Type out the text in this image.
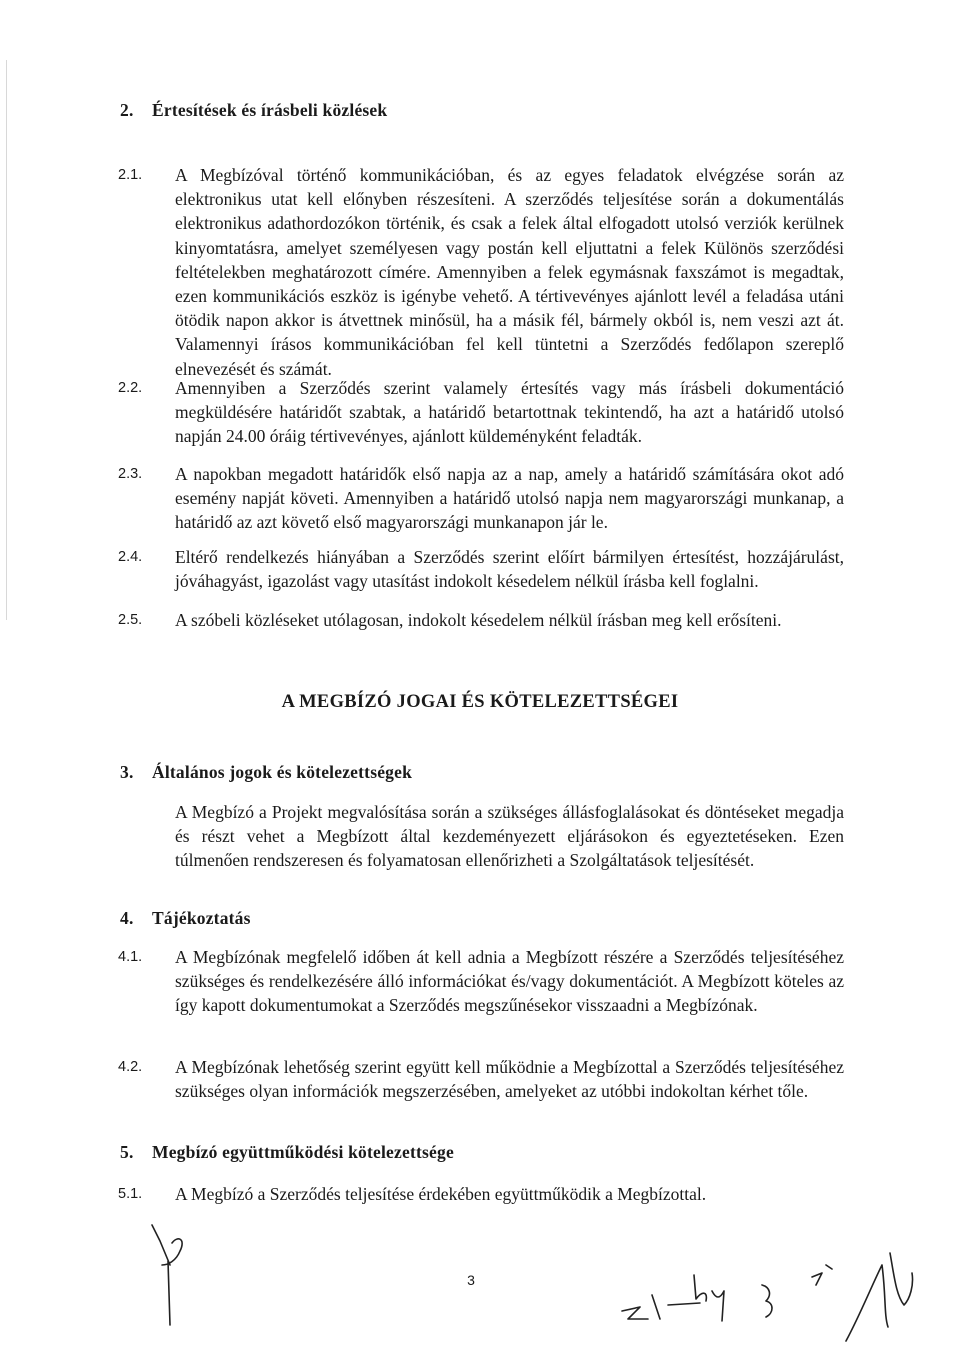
2. Értesítések és írásbeli közlések
2.1.	A Megbízóval történő kommunikációban, és az egyes feladatok elvégzése során az elektronikus utat kell előnyben részesíteni. A szerződés teljesítése során a dokumentálás elektronikus adathordozókon történik, és csak a felek által elfogadott utolsó verziók kerülnek kinyomtatásra, amelyet személyesen vagy postán kell eljuttatni a felek Különös szerződési feltételekben meghatározott címére. Amennyiben a felek egymásnak faxszámot is megadtak, ezen kommunikációs eszköz is igénybe vehető. A tértivevényes ajánlott levél a feladása utáni ötödik napon akkor is átvettnek minősül, ha a másik fél, bármely okból is, nem veszi azt át. Valamennyi írásos kommunikációban fel kell tüntetni a Szerződés fedőlapon szereplő elnevezését és számát.
2.2.	Amennyiben a Szerződés szerint valamely értesítés vagy más írásbeli dokumentáció megküldésére határidőt szabtak, a határidő betartottnak tekintendő, ha azt a határidő utolsó napján 24.00 óráig tértivevényes, ajánlott küldeményként feladták.
2.3.	A napokban megadott határidők első napja az a nap, amely a határidő számítására okot adó esemény napját követi. Amennyiben a határidő utolsó napja nem magyarországi munkanap, a határidő az azt követő első magyarországi munkanapon jár le.
2.4.	Eltérő rendelkezés hiányában a Szerződés szerint előírt bármilyen értesítést, hozzájárulást, jóváhagyást, igazolást vagy utasítást indokolt késedelem nélkül írásba kell foglalni.
2.5.	A szóbeli közléseket utólagosan, indokolt késedelem nélkül írásban meg kell erősíteni.
A MEGBÍZÓ JOGAI ÉS KÖTELEZETTSÉGEI
3. Általános jogok és kötelezettségek
A Megbízó a Projekt megvalósítása során a szükséges állásfoglalásokat és döntéseket megadja és részt vehet a Megbízott által kezdeményezett eljárásokon és egyeztetéseken. Ezen túlmenően rendszeresen és folyamatosan ellenőrizheti a Szolgáltatások teljesítését.
4. Tájékoztatás
4.1.	A Megbízónak megfelelő időben át kell adnia a Megbízott részére a Szerződés teljesítéséhez szükséges és rendelkezésére álló információkat és/vagy dokumentációt. A Megbízott köteles az így kapott dokumentumokat a Szerződés megszűnésekor visszaadni a Megbízónak.
4.2.	A Megbízónak lehetőség szerint együtt kell működnie a Megbízottal a Szerződés teljesítéséhez szükséges olyan információk megszerzésében, amelyeket az utóbbi indokoltan kérhet tőle.
5. Megbízó együttműködési kötelezettsége
5.1.	A Megbízó a Szerződés teljesítése érdekében együttműködik a Megbízottal.
3
